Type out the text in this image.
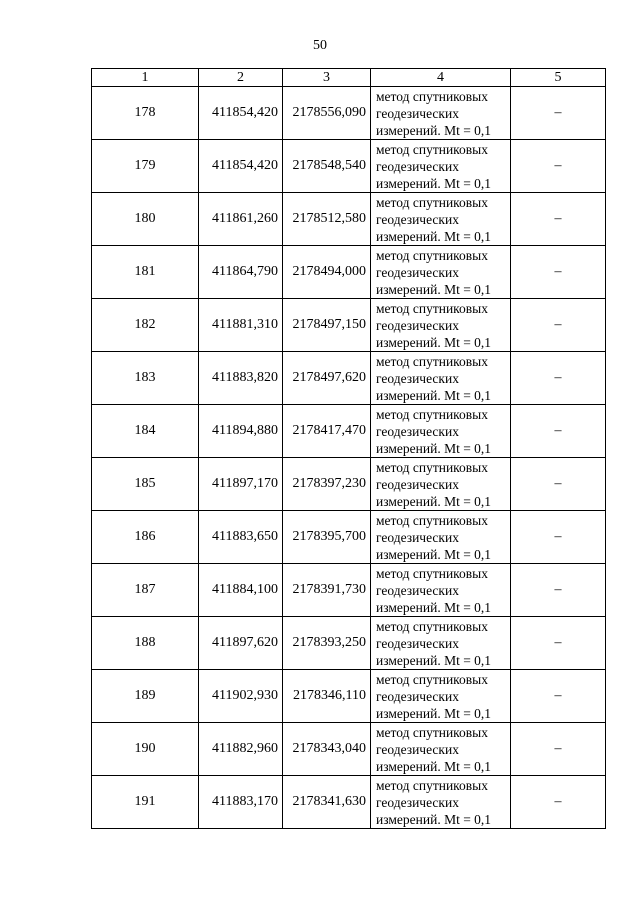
50
1	2	3	4	5
178	411854,420	2178556,090	метод спутниковых
геодезических
измерений. Mt = 0,1	–
179	411854,420	2178548,540	метод спутниковых
геодезических
измерений. Mt = 0,1	–
180	411861,260	2178512,580	метод спутниковых
геодезических
измерений. Mt = 0,1	–
181	411864,790	2178494,000	метод спутниковых
геодезических
измерений. Mt = 0,1	–
182	411881,310	2178497,150	метод спутниковых
геодезических
измерений. Mt = 0,1	–
183	411883,820	2178497,620	метод спутниковых
геодезических
измерений. Mt = 0,1	–
184	411894,880	2178417,470	метод спутниковых
геодезических
измерений. Mt = 0,1	–
185	411897,170	2178397,230	метод спутниковых
геодезических
измерений. Mt = 0,1	–
186	411883,650	2178395,700	метод спутниковых
геодезических
измерений. Mt = 0,1	–
187	411884,100	2178391,730	метод спутниковых
геодезических
измерений. Mt = 0,1	–
188	411897,620	2178393,250	метод спутниковых
геодезических
измерений. Mt = 0,1	–
189	411902,930	2178346,110	метод спутниковых
геодезических
измерений. Mt = 0,1	–
190	411882,960	2178343,040	метод спутниковых
геодезических
измерений. Mt = 0,1	–
191	411883,170	2178341,630	метод спутниковых
геодезических
измерений. Mt = 0,1	–
